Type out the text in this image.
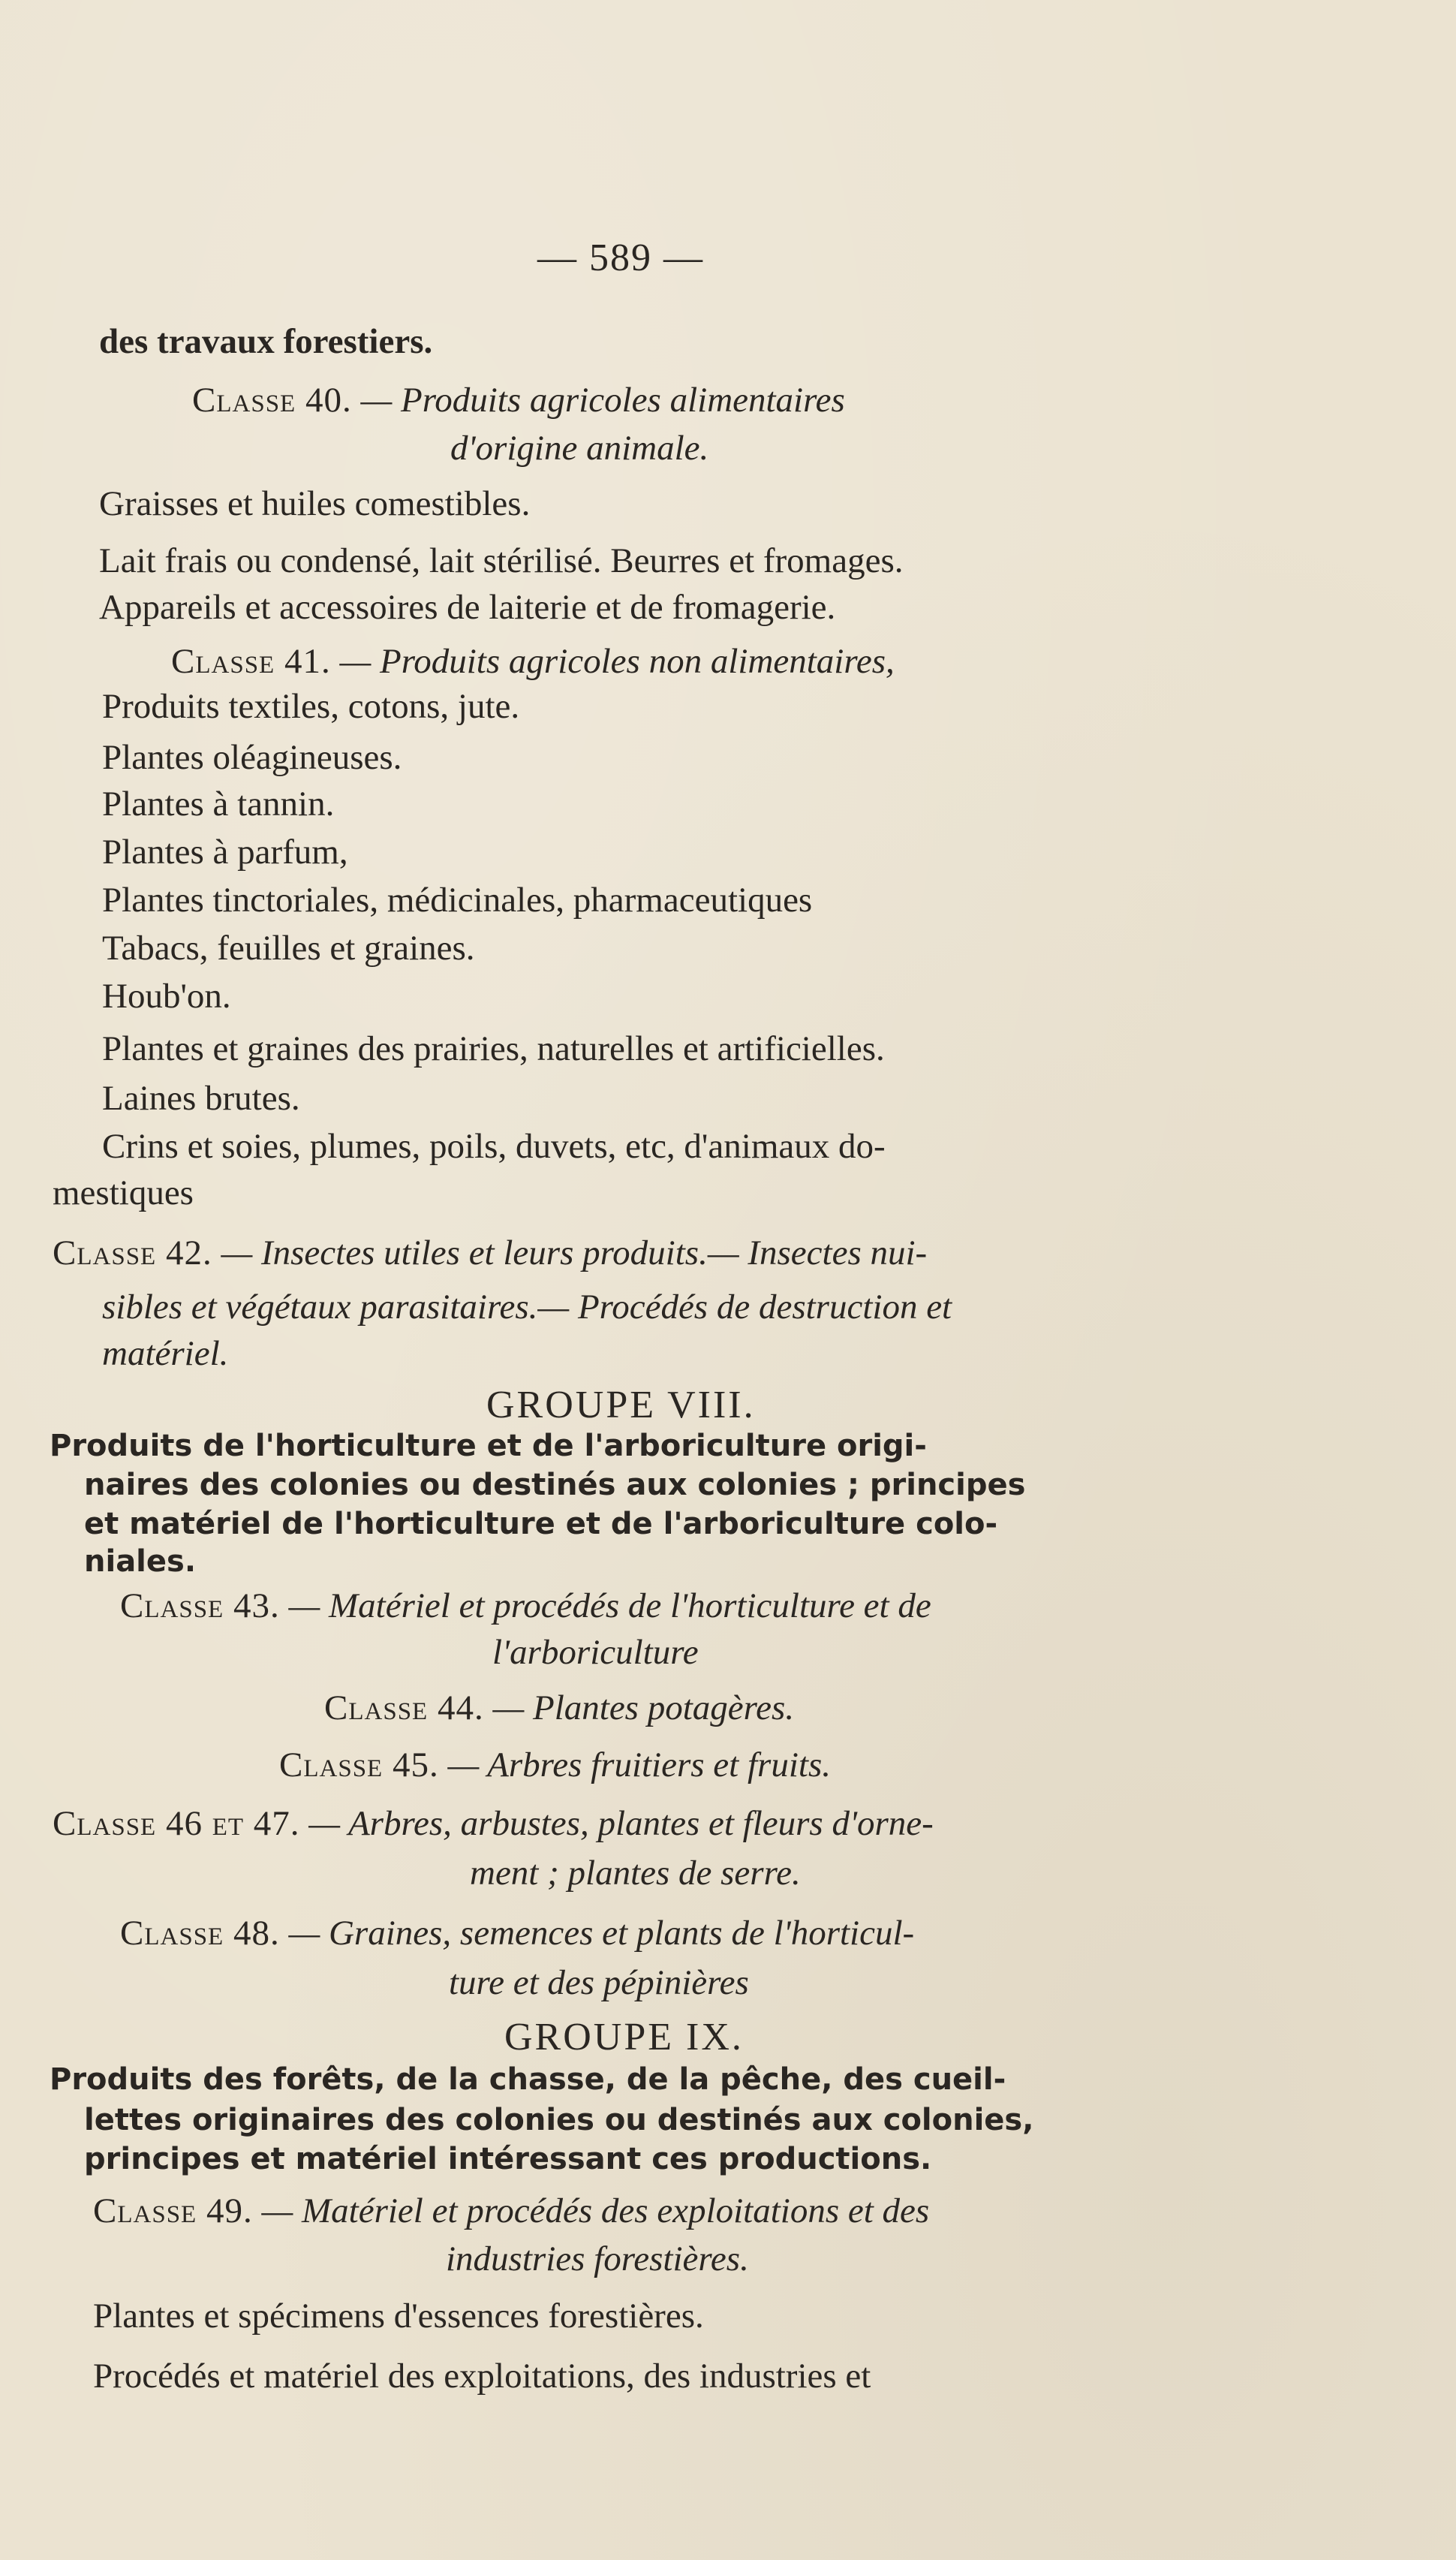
— 589 —

des travaux forestiers.

Classe 40. — Produits agricoles alimentaires

d'origine animale.

Graisses et huiles comestibles.

Lait frais ou condensé, lait stérilisé. Beurres et fromages.

Appareils et accessoires de laiterie et de fromagerie.

Classe 41. — Produits agricoles non alimentaires,

Produits textiles, cotons, jute.

Plantes oléagineuses.

Plantes à tannin.

Plantes à parfum,

Plantes tinctoriales, médicinales, pharmaceutiques

Tabacs, feuilles et graines.

Houb'on.

Plantes et graines des prairies, naturelles et artificielles.

Laines brutes.

Crins et soies, plumes, poils, duvets, etc, d'animaux do-

mestiques

Classe 42. — Insectes utiles et leurs produits.— Insectes nui-

sibles et végétaux parasitaires.— Procédés de destruction et

matériel.

GROUPE VIII.

Produits de l'horticulture et de l'arboriculture origi-

naires des colonies ou destinés aux colonies ; principes

et matériel de l'horticulture et de l'arboriculture colo-

niales.

Classe 43. — Matériel et procédés de l'horticulture et de

l'arboriculture

Classe 44. — Plantes potagères.

Classe 45. — Arbres fruitiers et fruits.

Classe 46 et 47. — Arbres, arbustes, plantes et fleurs d'orne-

ment ; plantes de serre.

Classe 48. — Graines, semences et plants de l'horticul-

ture et des pépinières

GROUPE IX.

Produits des forêts, de la chasse, de la pêche, des cueil-

lettes originaires des colonies ou destinés aux colonies,

principes et matériel intéressant ces productions.

Classe 49. — Matériel et procédés des exploitations et des

industries forestières.

Plantes et spécimens d'essences forestières.

Procédés et matériel des exploitations, des industries et
